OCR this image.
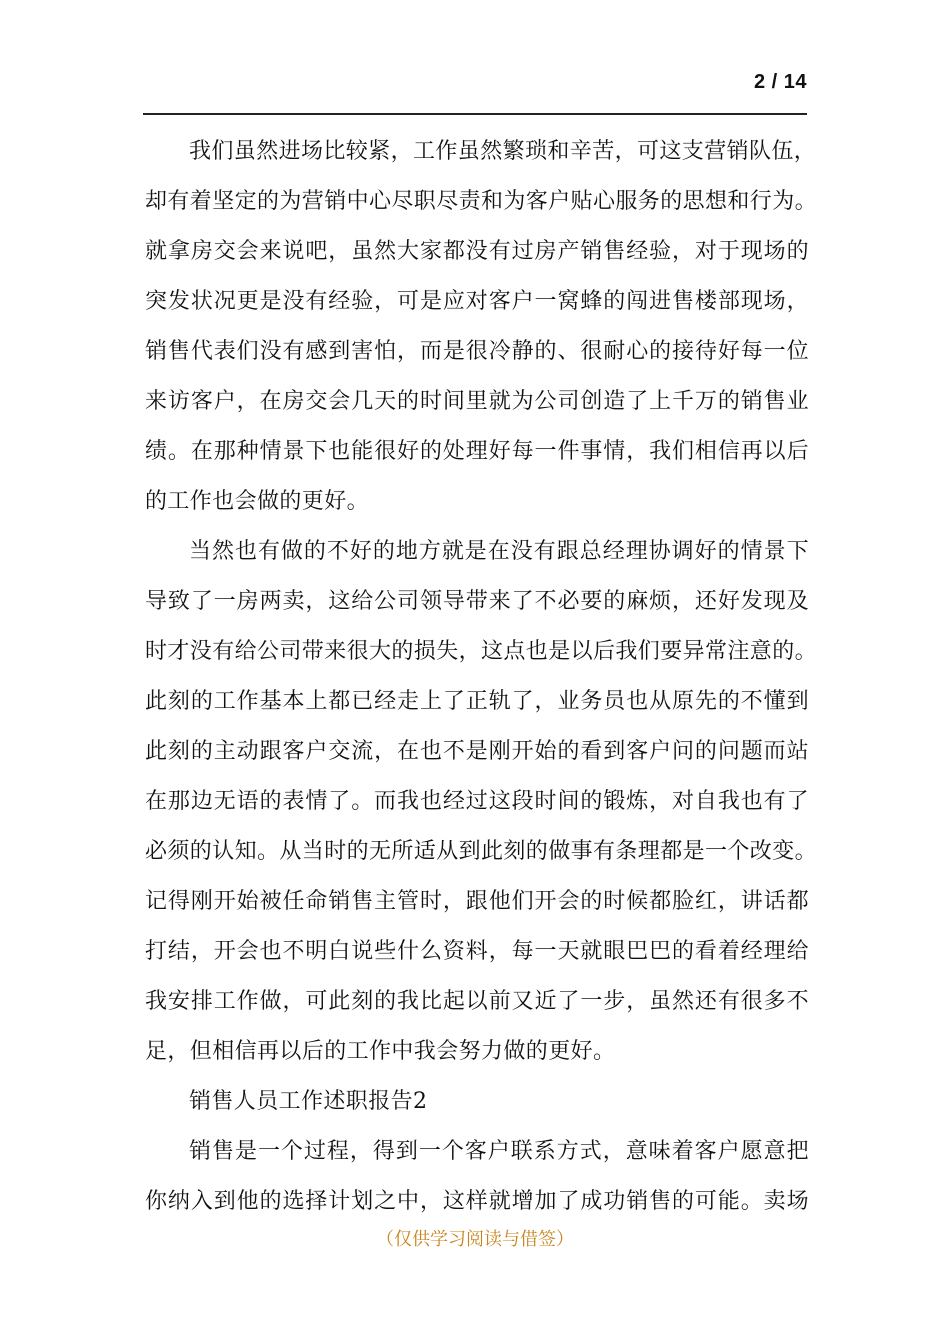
2 / 14
我们虽然进场比较紧，工作虽然繁琐和辛苦，可这支营销队伍，
却有着坚定的为营销中心尽职尽责和为客户贴心服务的思想和行为。
就拿房交会来说吧，虽然大家都没有过房产销售经验，对于现场的
突发状况更是没有经验，可是应对客户一窝蜂的闯进售楼部现场，
销售代表们没有感到害怕，而是很冷静的、很耐心的接待好每一位
来访客户，在房交会几天的时间里就为公司创造了上千万的销售业
绩。在那种情景下也能很好的处理好每一件事情，我们相信再以后
的工作也会做的更好。
当然也有做的不好的地方就是在没有跟总经理协调好的情景下
导致了一房两卖，这给公司领导带来了不必要的麻烦，还好发现及
时才没有给公司带来很大的损失，这点也是以后我们要异常注意的。
此刻的工作基本上都已经走上了正轨了，业务员也从原先的不懂到
此刻的主动跟客户交流，在也不是刚开始的看到客户问的问题而站
在那边无语的表情了。而我也经过这段时间的锻炼，对自我也有了
必须的认知。从当时的无所适从到此刻的做事有条理都是一个改变。
记得刚开始被任命销售主管时，跟他们开会的时候都脸红，讲话都
打结，开会也不明白说些什么资料，每一天就眼巴巴的看着经理给
我安排工作做，可此刻的我比起以前又近了一步，虽然还有很多不
足，但相信再以后的工作中我会努力做的更好。
销售人员工作述职报告2
销售是一个过程，得到一个客户联系方式，意味着客户愿意把
你纳入到他的选择计划之中，这样就增加了成功销售的可能。卖场
（仅供学习阅读与借签）
